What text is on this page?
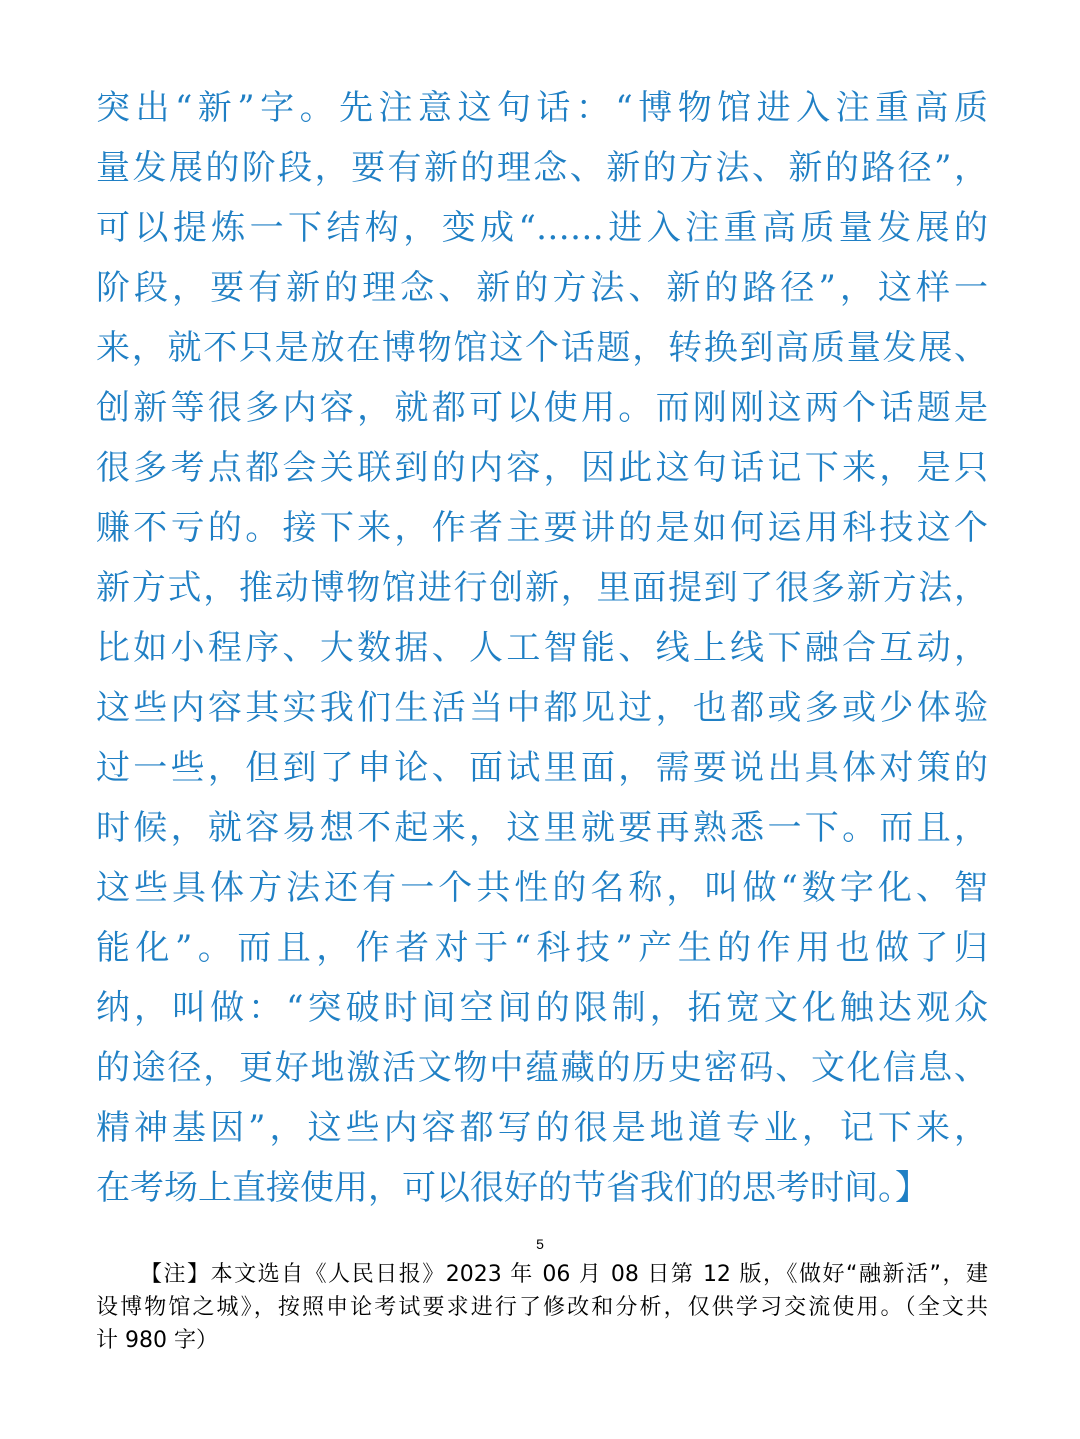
突出“新”字。先注意这句话：“博物馆进入注重高质
量发展的阶段，要有新的理念、新的方法、新的路径”，
可以提炼一下结构，变成“……进入注重高质量发展的
阶段，要有新的理念、新的方法、新的路径”，这样一
来，就不只是放在博物馆这个话题，转换到高质量发展、
创新等很多内容，就都可以使用。而刚刚这两个话题是
很多考点都会关联到的内容，因此这句话记下来，是只
赚不亏的。接下来，作者主要讲的是如何运用科技这个
新方式，推动博物馆进行创新，里面提到了很多新方法，
比如小程序、大数据、人工智能、线上线下融合互动，
这些内容其实我们生活当中都见过，也都或多或少体验
过一些，但到了申论、面试里面，需要说出具体对策的
时候，就容易想不起来，这里就要再熟悉一下。而且，
这些具体方法还有一个共性的名称，叫做“数字化、智
能化”。而且，作者对于“科技”产生的作用也做了归
纳，叫做：“突破时间空间的限制，拓宽文化触达观众
的途径，更好地激活文物中蕴藏的历史密码、文化信息、
精神基因”，这些内容都写的很是地道专业，记下来，
在考场上直接使用，可以很好的节省我们的思考时间。】
5
【注】本文选自《人民日报》2023 年 06 月 08 日第 12 版，《做好“融新活”，建
设博物馆之城》，按照申论考试要求进行了修改和分析，仅供学习交流使用。（全文共
计 980 字）
